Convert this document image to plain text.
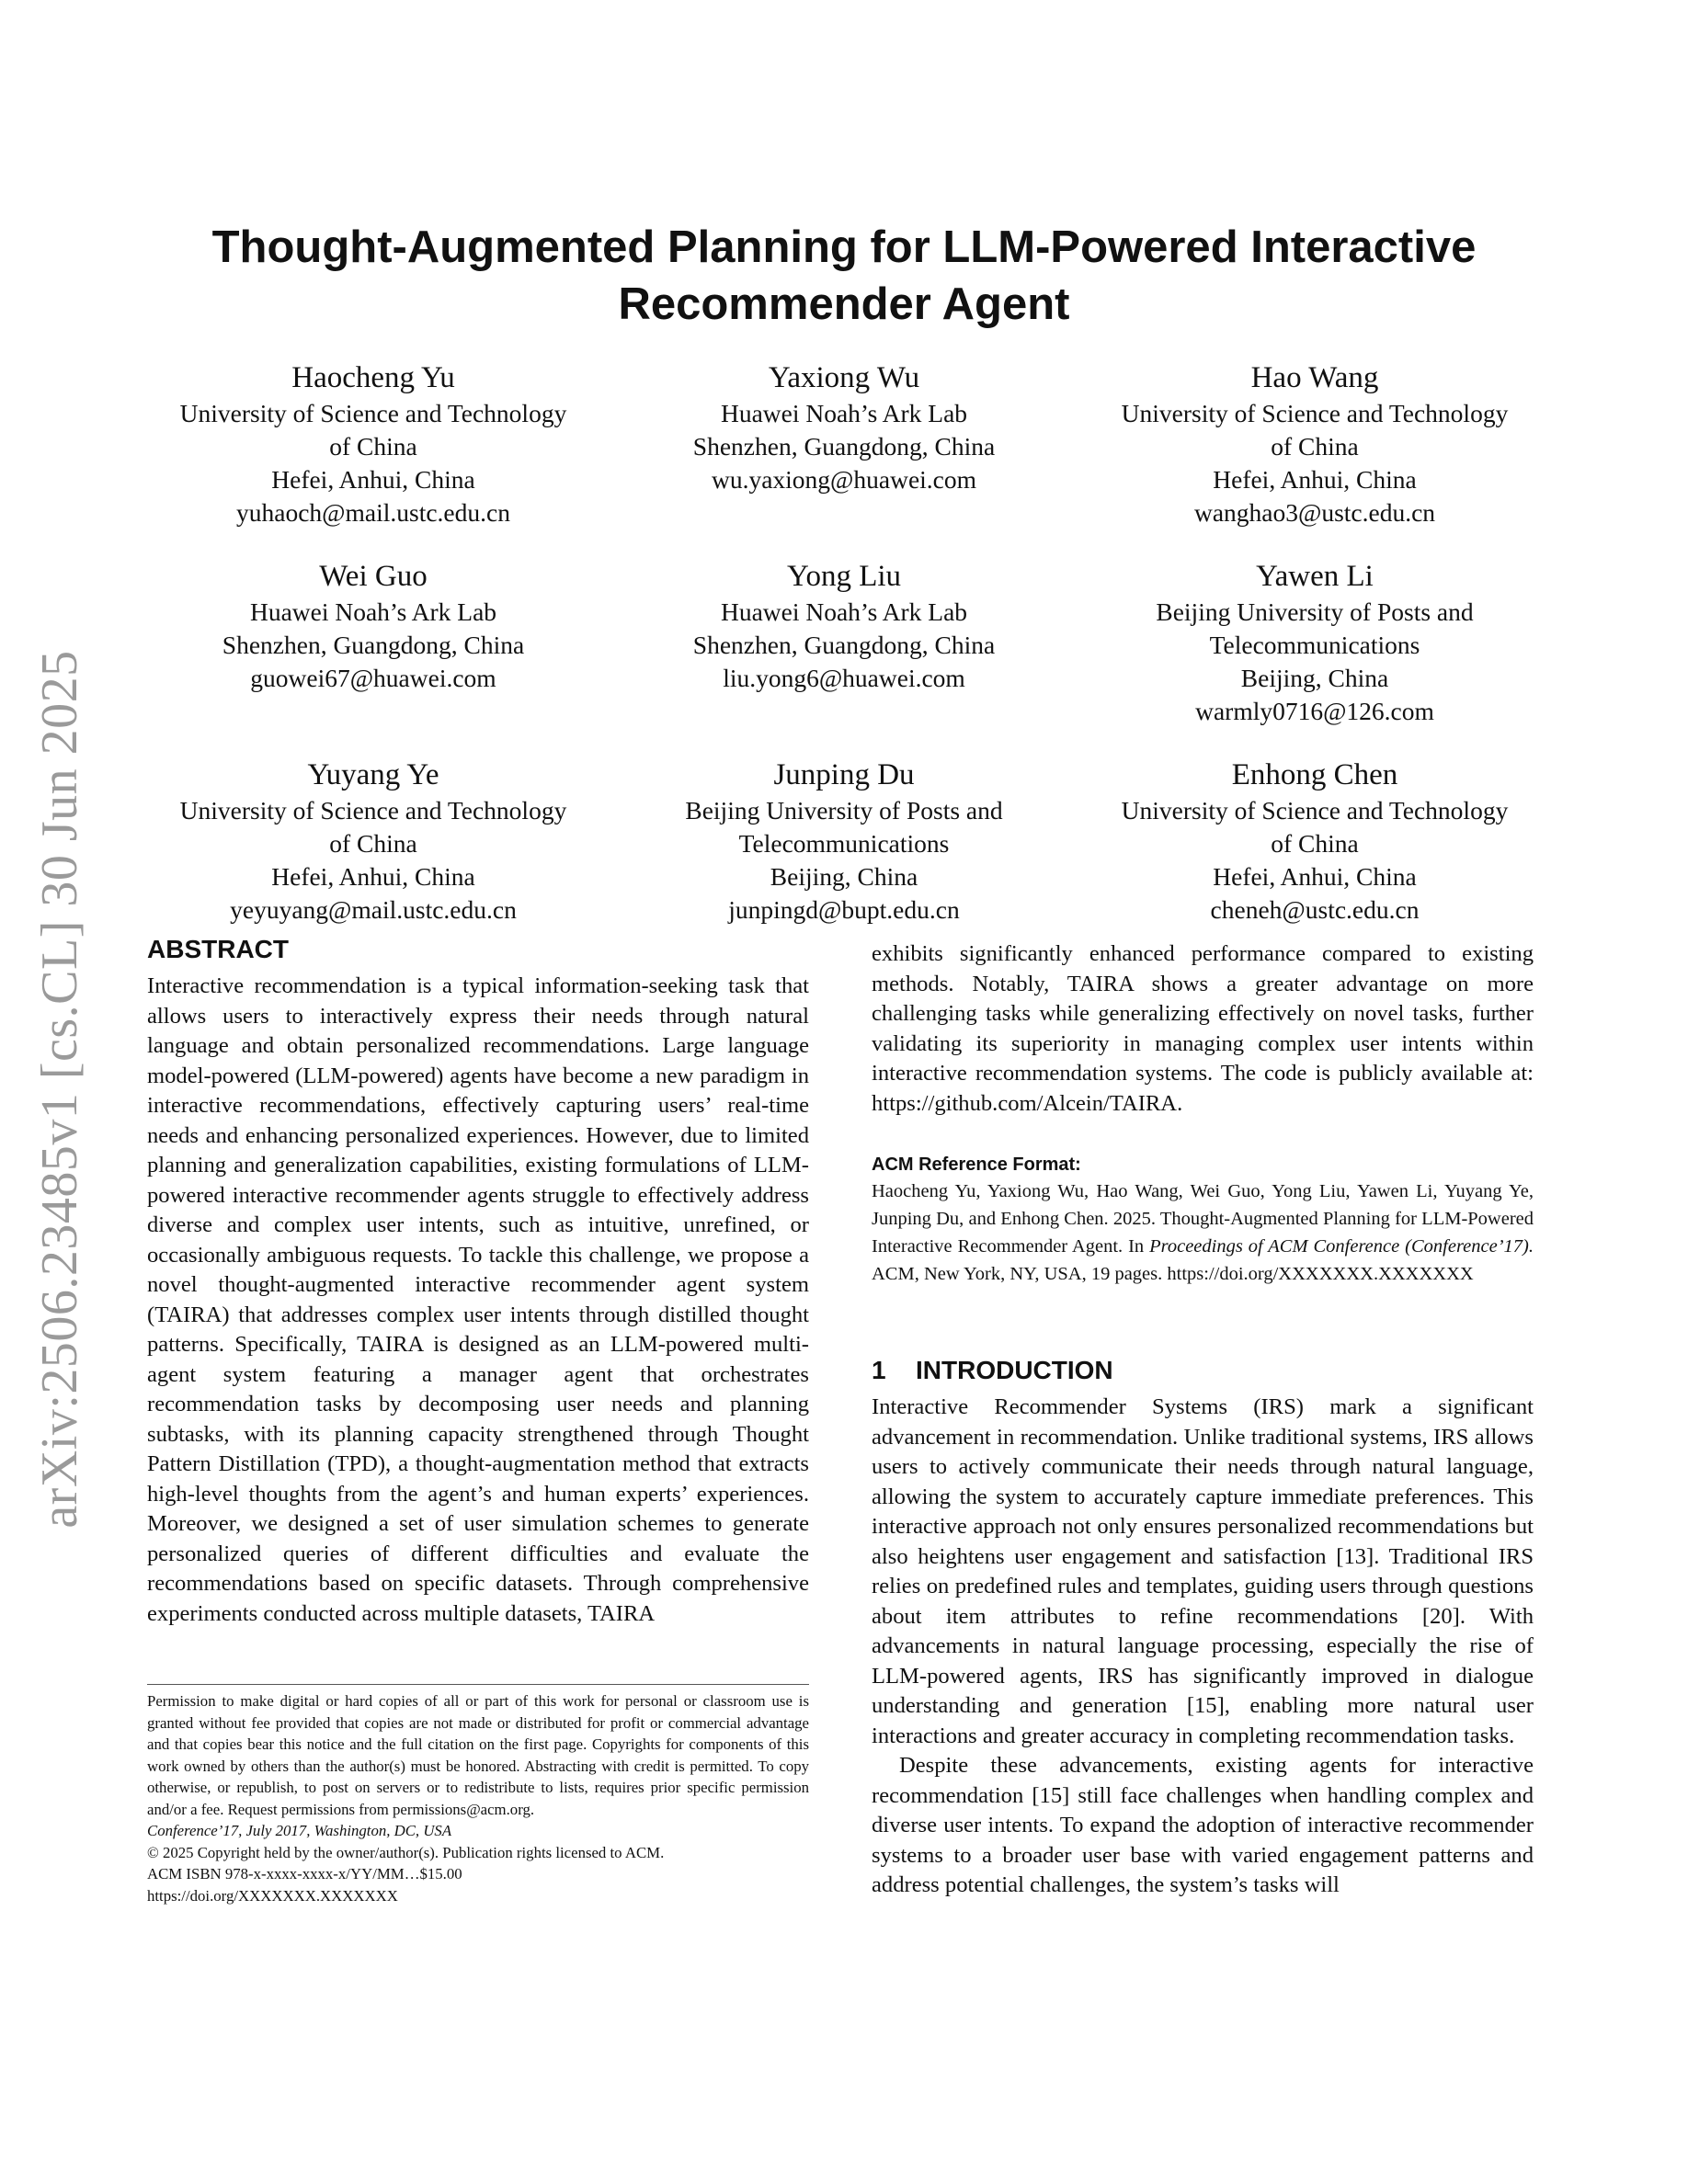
arXiv:2506.23485v1 [cs.CL] 30 Jun 2025
Thought-Augmented Planning for LLM-Powered Interactive Recommender Agent
Haocheng Yu
University of Science and Technology
of China
Hefei, Anhui, China
yuhaoch@mail.ustc.edu.cn
Yaxiong Wu
Huawei Noah’s Ark Lab
Shenzhen, Guangdong, China
wu.yaxiong@huawei.com
Hao Wang
University of Science and Technology
of China
Hefei, Anhui, China
wanghao3@ustc.edu.cn
Wei Guo
Huawei Noah’s Ark Lab
Shenzhen, Guangdong, China
guowei67@huawei.com
Yong Liu
Huawei Noah’s Ark Lab
Shenzhen, Guangdong, China
liu.yong6@huawei.com
Yawen Li
Beijing University of Posts and
Telecommunications
Beijing, China
warmly0716@126.com
Yuyang Ye
University of Science and Technology
of China
Hefei, Anhui, China
yeyuyang@mail.ustc.edu.cn
Junping Du
Beijing University of Posts and
Telecommunications
Beijing, China
junpingd@bupt.edu.cn
Enhong Chen
University of Science and Technology
of China
Hefei, Anhui, China
cheneh@ustc.edu.cn
ABSTRACT

Interactive recommendation is a typical information-seeking task that allows users to interactively express their needs through natural language and obtain personalized recommendations. Large language model-powered (LLM-powered) agents have become a new paradigm in interactive recommendations, effectively capturing users’ real-time needs and enhancing personalized experiences. However, due to limited planning and generalization capabilities, existing formulations of LLM-powered interactive recommender agents struggle to effectively address diverse and complex user intents, such as intuitive, unrefined, or occasionally ambiguous requests. To tackle this challenge, we propose a novel thought-augmented interactive recommender agent system (TAIRA) that addresses complex user intents through distilled thought patterns. Specifically, TAIRA is designed as an LLM-powered multi-agent system featuring a manager agent that orchestrates recommendation tasks by decomposing user needs and planning subtasks, with its planning capacity strengthened through Thought Pattern Distillation (TPD), a thought-augmentation method that extracts high-level thoughts from the agent’s and human experts’ experiences. Moreover, we designed a set of user simulation schemes to generate personalized queries of different difficulties and evaluate the recommendations based on specific datasets. Through comprehensive experiments conducted across multiple datasets, TAIRA

exhibits significantly enhanced performance compared to existing methods. Notably, TAIRA shows a greater advantage on more challenging tasks while generalizing effectively on novel tasks, further validating its superiority in managing complex user intents within interactive recommendation systems. The code is publicly available at: https://github.com/Alcein/TAIRA.

ACM Reference Format:

Haocheng Yu, Yaxiong Wu, Hao Wang, Wei Guo, Yong Liu, Yawen Li, Yuyang Ye, Junping Du, and Enhong Chen. 2025. Thought-Augmented Planning for LLM-Powered Interactive Recommender Agent. In Proceedings of ACM Conference (Conference’17). ACM, New York, NY, USA, 19 pages. https://doi.org/XXXXXXX.XXXXXXX

1 INTRODUCTION

Interactive Recommender Systems (IRS) mark a significant advancement in recommendation. Unlike traditional systems, IRS allows users to actively communicate their needs through natural language, allowing the system to accurately capture immediate preferences. This interactive approach not only ensures personalized recommendations but also heightens user engagement and satisfaction [13]. Traditional IRS relies on predefined rules and templates, guiding users through questions about item attributes to refine recommendations [20]. With advancements in natural language processing, especially the rise of LLM-powered agents, IRS has significantly improved in dialogue understanding and generation [15], enabling more natural user interactions and greater accuracy in completing recommendation tasks.

Despite these advancements, existing agents for interactive recommendation [15] still face challenges when handling complex and diverse user intents. To expand the adoption of interactive recommender systems to a broader user base with varied engagement patterns and address potential challenges, the system’s tasks will

Permission to make digital or hard copies of all or part of this work for personal or classroom use is granted without fee provided that copies are not made or distributed for profit or commercial advantage and that copies bear this notice and the full citation on the first page. Copyrights for components of this work owned by others than the author(s) must be honored. Abstracting with credit is permitted. To copy otherwise, or republish, to post on servers or to redistribute to lists, requires prior specific permission and/or a fee. Request permissions from permissions@acm.org.

Conference’17, July 2017, Washington, DC, USA
© 2025 Copyright held by the owner/author(s). Publication rights licensed to ACM.
ACM ISBN 978-x-xxxx-xxxx-x/YY/MM…$15.00
https://doi.org/XXXXXXX.XXXXXXX
